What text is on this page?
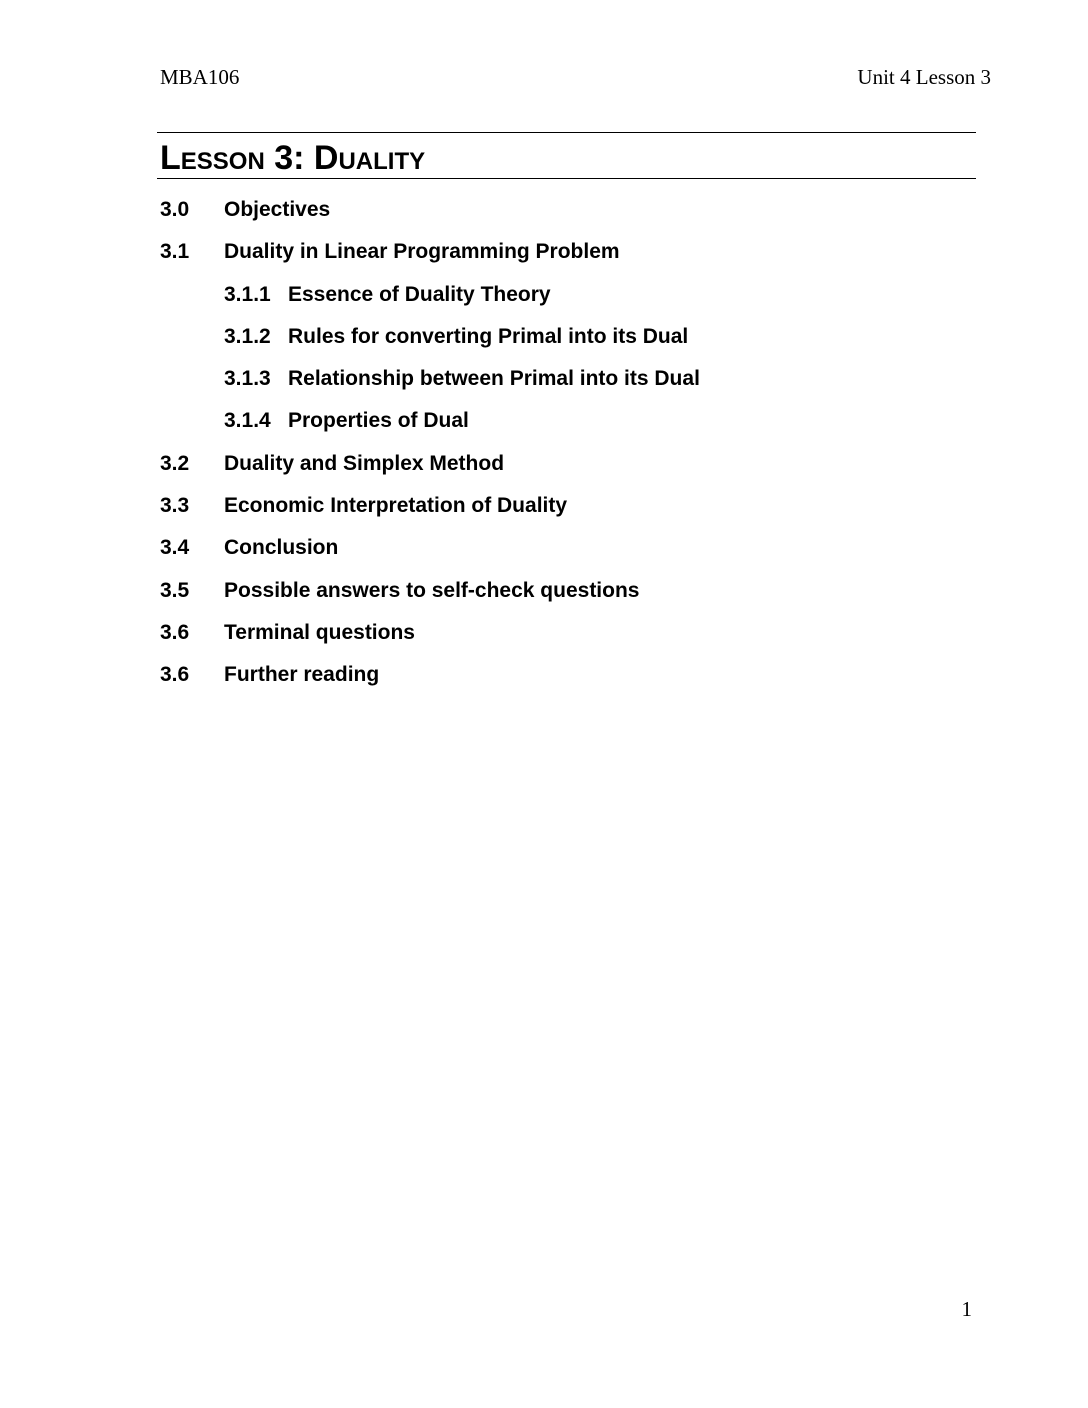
MBA106	Unit 4 Lesson 3
Lesson 3: Duality
3.0 Objectives
3.1 Duality in Linear Programming Problem
3.1.1 Essence of Duality Theory
3.1.2 Rules for converting Primal into its Dual
3.1.3 Relationship between Primal into its Dual
3.1.4 Properties of Dual
3.2 Duality and Simplex Method
3.3 Economic Interpretation of Duality
3.4 Conclusion
3.5 Possible answers to self-check questions
3.6 Terminal questions
3.6 Further reading
1
